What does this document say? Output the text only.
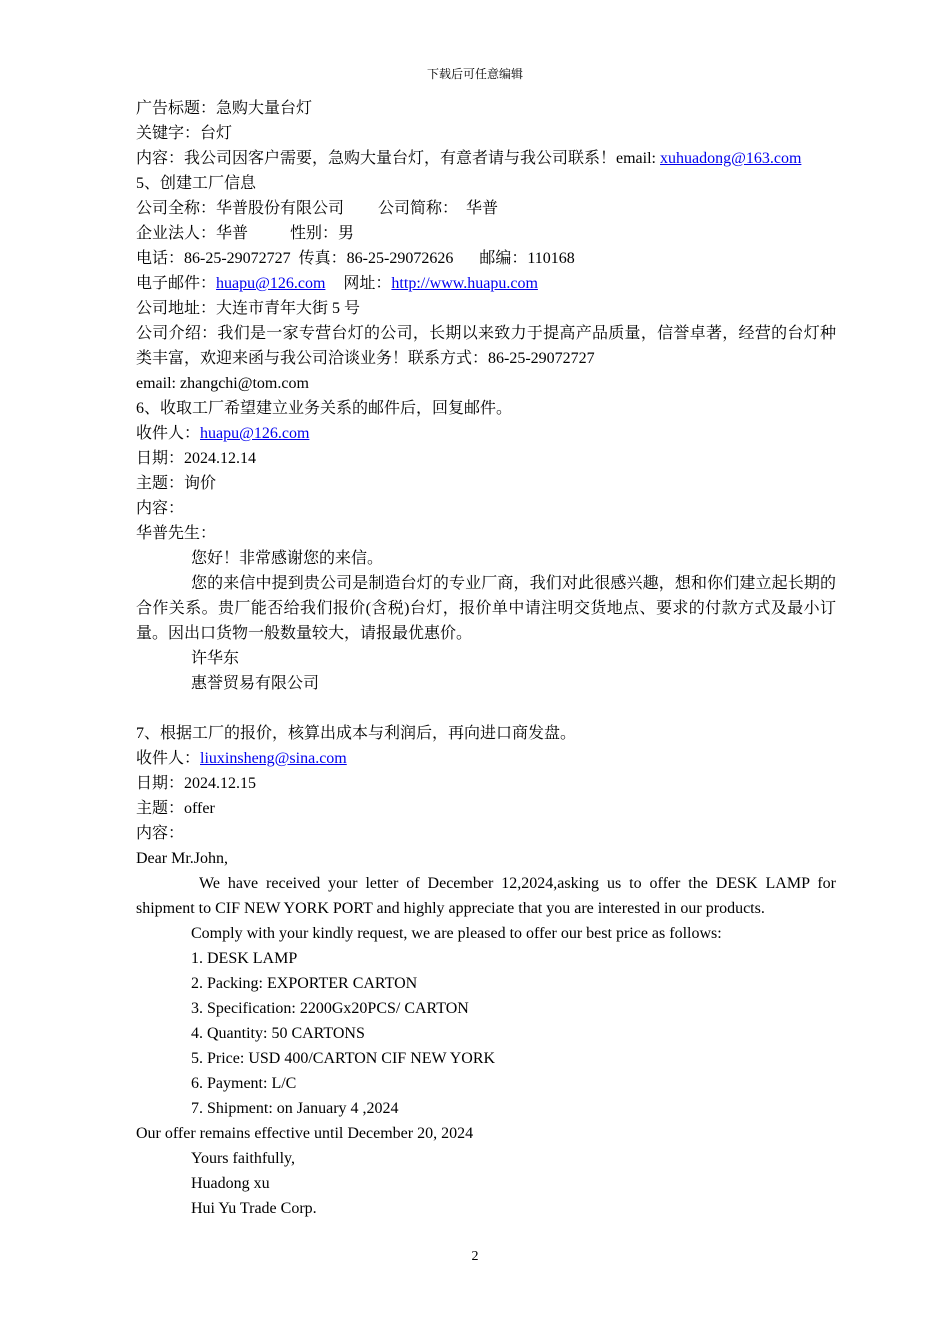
下载后可任意编辑
广告标题：急购大量台灯
关键字：台灯
内容：我公司因客户需要，急购大量台灯，有意者请与我公司联系！email: xuhuadong@163.com
5、创建工厂信息
公司全称：华普股份有限公司 公司简称：  华普
企业法人：华普	性别：男
电话：86-25-29072727 传真：86-25-29072626 邮编：110168
电子邮件：huapu@126.com 网址：http://www.huapu.com
公司地址：大连市青年大街 5 号
公司介绍：我们是一家专营台灯的公司，长期以来致力于提高产品质量，信誉卓著，经营的台灯种类丰富，欢迎来函与我公司洽谈业务！联系方式：86-25-29072727
email: zhangchi@tom.com
6、收取工厂希望建立业务关系的邮件后，回复邮件。
收件人：huapu@126.com
日期：2024.12.14
主题：询价
内容：
华普先生：
您好！非常感谢您的来信。
您的来信中提到贵公司是制造台灯的专业厂商，我们对此很感兴趣，想和你们建立起长期的合作关系。贵厂能否给我们报价(含税)台灯，报价单中请注明交货地点、要求的付款方式及最小订量。因出口货物一般数量较大，请报最优惠价。
许华东
惠誉贸易有限公司
7、根据工厂的报价，核算出成本与利润后，再向进口商发盘。
收件人：liuxinsheng@sina.com
日期：2024.12.15
主题：offer
内容：
Dear Mr.John,
We have received your letter of December 12,2024,asking us to offer the DESK LAMP for shipment to CIF NEW YORK PORT and highly appreciate that you are interested in our products.
Comply with your kindly request, we are pleased to offer our best price as follows:
1. DESK LAMP
2. Packing: EXPORTER CARTON
3. Specification: 2200Gx20PCS/ CARTON
4. Quantity: 50 CARTONS
5. Price: USD 400/CARTON CIF NEW YORK
6. Payment: L/C
7. Shipment: on January 4 ,2024
Our offer remains effective until December 20, 2024
Yours faithfully,
Huadong xu
Hui Yu Trade Corp.
2
